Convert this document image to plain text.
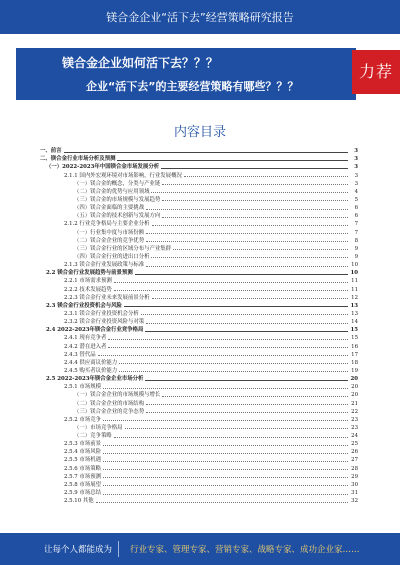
镁合金企业“活下去”经营策略研究报告
镁合金企业如何活下去？？？
企业“活下去”的主要经营策略有哪些？？？
力荐
内容目录
一、前言	3
二、镁合金行业市场分析及预测	3
（一）2022-2023年中国镁合金市场发展分析	3
2.1.1 国内外宏观环境对市场影响，行业发展概况	3
（一）镁合金的概念，分类与产业链	3
（二）镁合金的优势与应用领域	4
（三）镁合金的市场规模与发展趋势	5
（四）镁合金面临的主要挑战	6
（五）镁合金的技术创新与发展方向	6
2.1.2 行业竞争格局与主要企业分析	7
（一）行业集中度与市场份额	7
（二）镁合金企业的竞争优势	8
（三）镁合金行业的区域分布与产业集群	9
（四）镁合金行业的进出口分析	9
2.1.3 镁合金行业发展政策与标准	10
2.2 镁合金行业发展趋势与前景预测	10
2.2.1 市场需求预测	11
2.2.2 技术发展趋势	11
2.2.3 镁合金行业未来发展前景分析	12
2.3 镁合金行业投资机会与风险	13
2.3.1 镁合金行业投资机会分析	13
2.3.2 镁合金行业投资风险与对策	14
2.4 2022-2023年镁合金行业竞争格局	15
2.4.1 现有竞争者	15
2.4.2 潜在进入者	16
2.4.3 替代品	17
2.4.4 供应商议价能力	18
2.4.5 购买者议价能力	19
2.5 2022-2023年镁合金企业市场分析	20
2.5.1 市场规模	20
（一）镁合金企业的市场规模与增长	20
（二）镁合金企业的市场结构	21
（三）镁合金企业的竞争态势	22
2.5.2 市场竞争	23
（一）市场竞争格局	23
（二）竞争策略	24
2.5.3 市场前景	25
2.5.4 市场风险	26
2.5.5 市场机遇	27
2.5.6 市场策略	28
2.5.7 市场预测	29
2.5.8 市场展望	30
2.5.9 市场总结	31
2.5.10 其他	32
让每个人都能成为 行业专家、管理专家、营销专家、战略专家、成功企业家……
